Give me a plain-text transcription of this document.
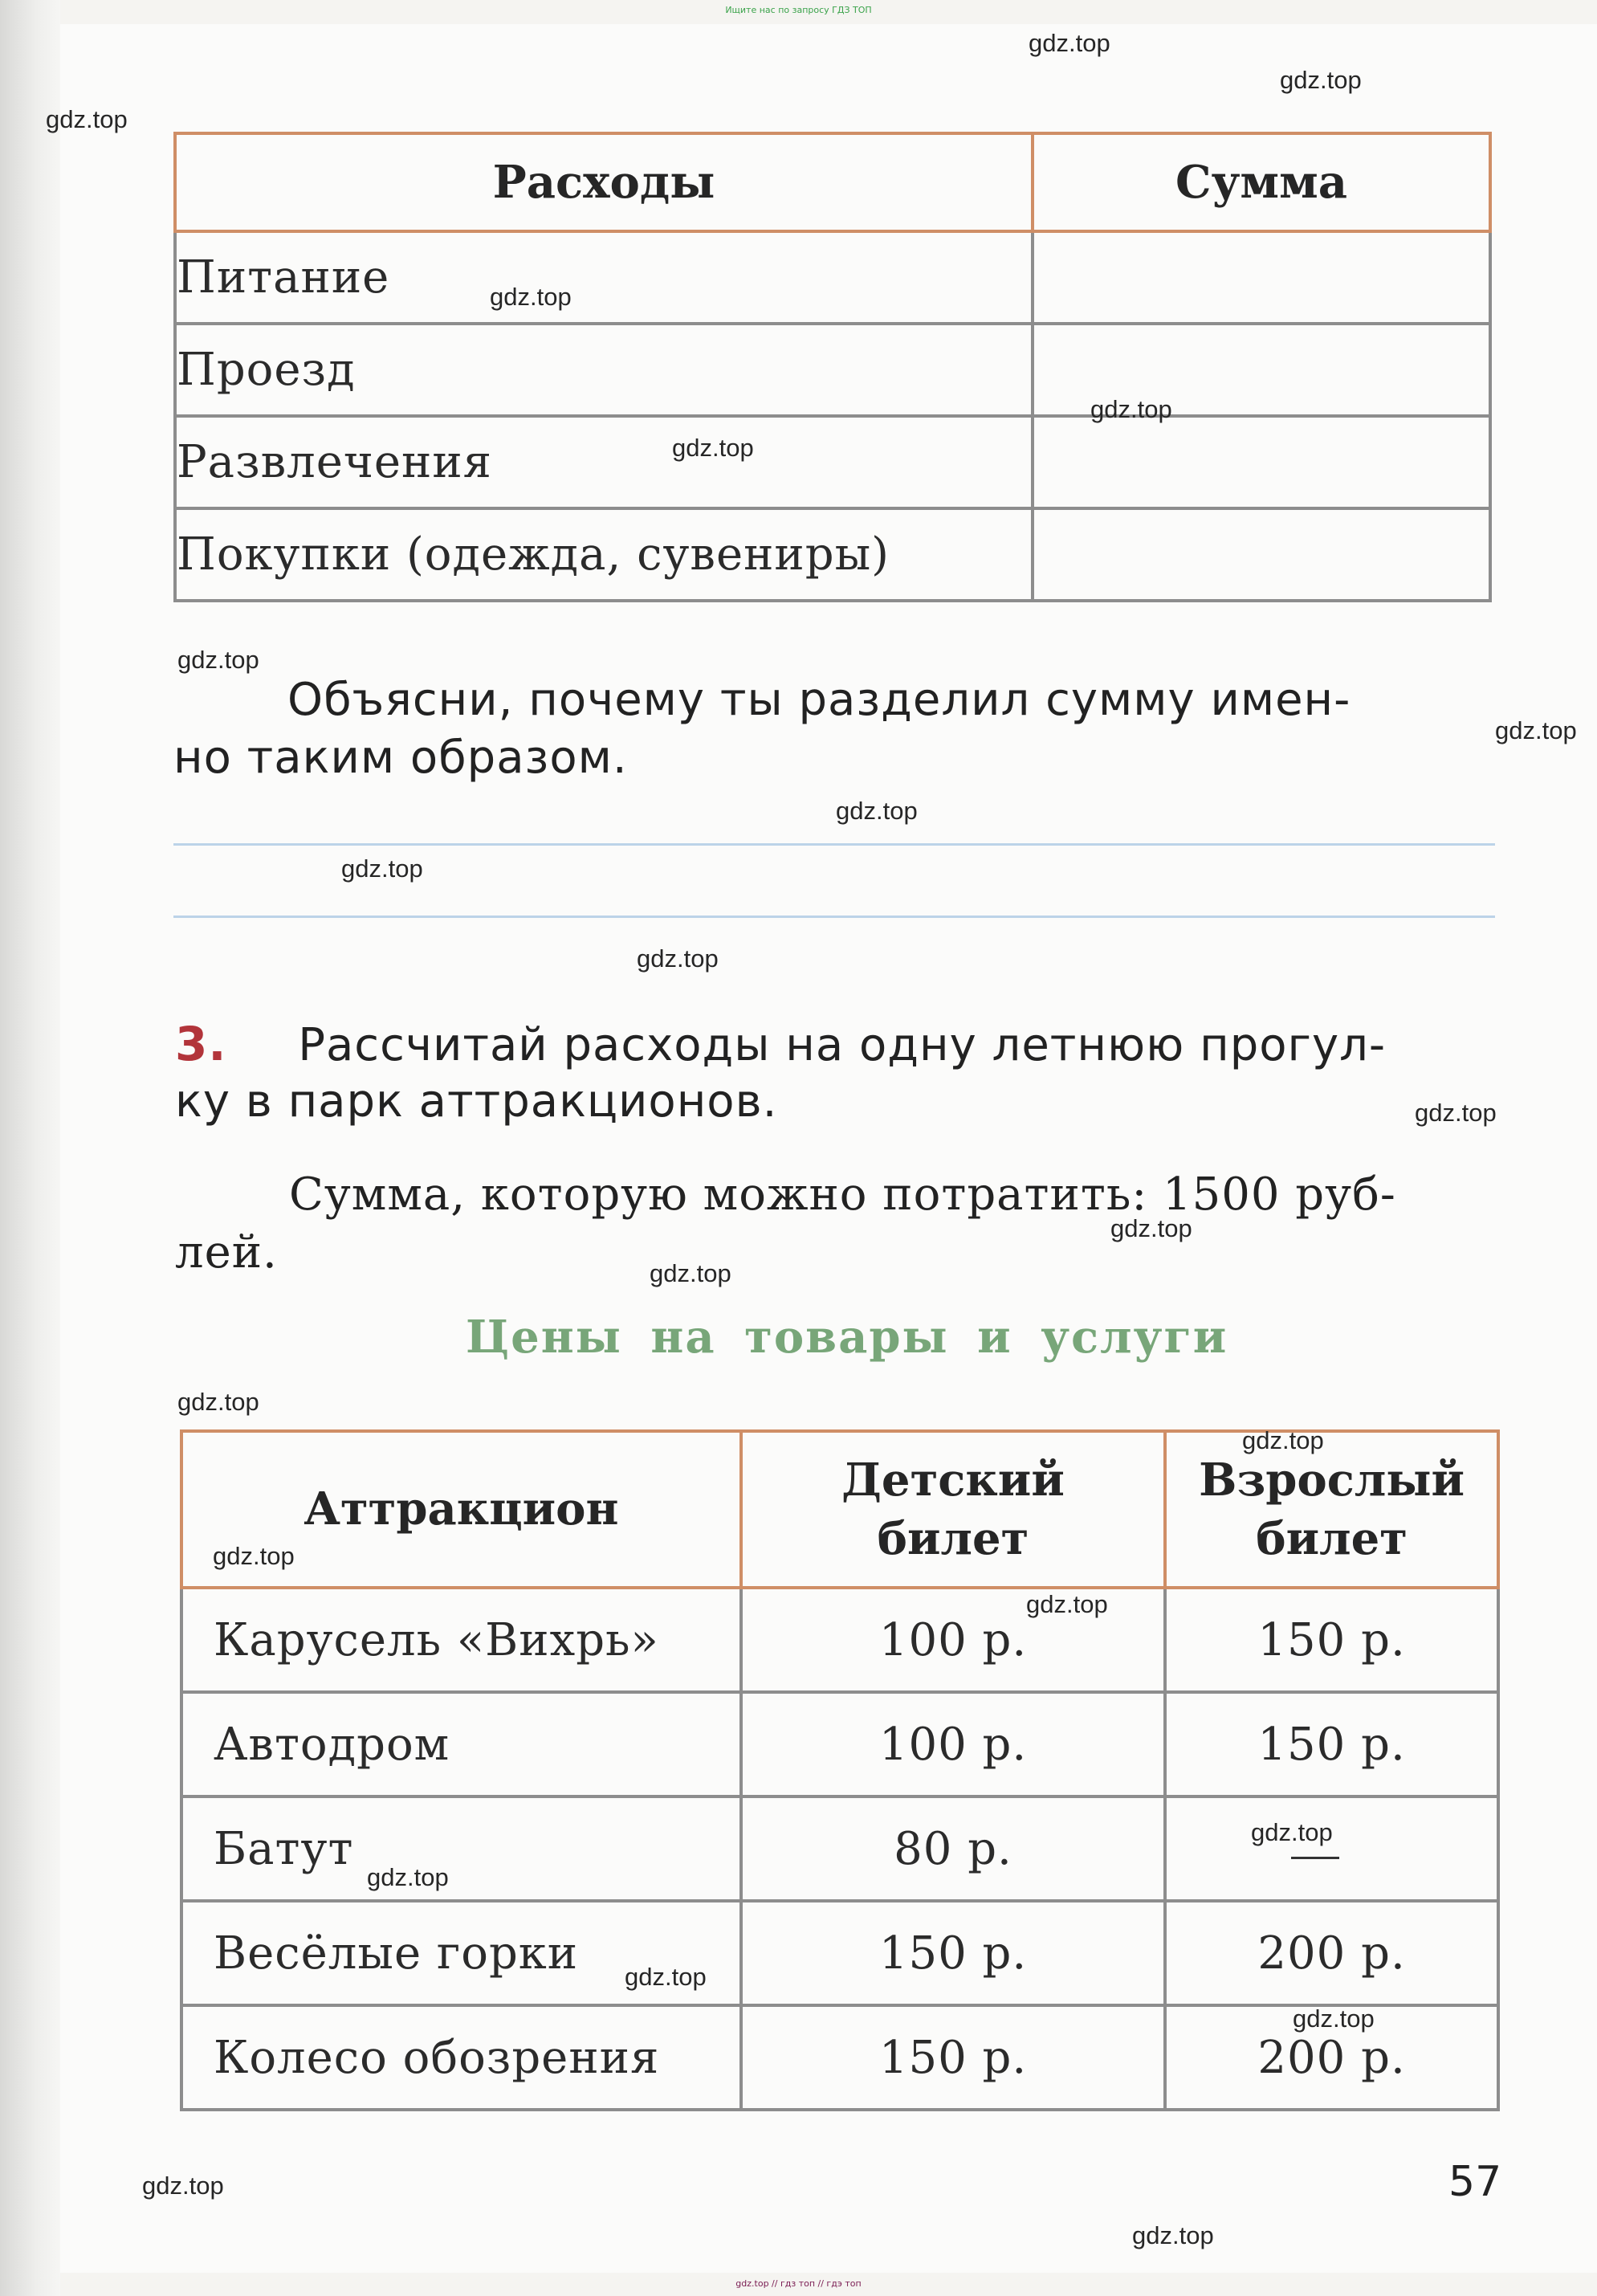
Ищите нас по запросу ГДЗ ТОП
Расходы	Сумма
Питание	
Проезд	
Развлечения	
Покупки (одежда, сувениры)	
Объясни, почему ты разделил сумму имен-
но таким образом.
3. Рассчитай расходы на одну летнюю прогул-
ку в парк аттракционов.
Сумма, которую можно потратить: 1500 руб-
лей.
Цены на товары и услуги
Аттракцион	Детский билет	Взрослый билет
Карусель «Вихрь»	100 р.	150 р.
Автодром	100 р.	150 р.
Батут	80 р.	
Весёлые горки	150 р.	200 р.
Колесо обозрения	150 р.	200 р.
57
gdz.top // гдз топ // гдэ топ
gdz.top
gdz.top
gdz.top
gdz.top
gdz.top
gdz.top
gdz.top
gdz.top
gdz.top
gdz.top
gdz.top
gdz.top
gdz.top
gdz.top
gdz.top
gdz.top
gdz.top
gdz.top
gdz.top
gdz.top
gdz.top
gdz.top
gdz.top
gdz.top
